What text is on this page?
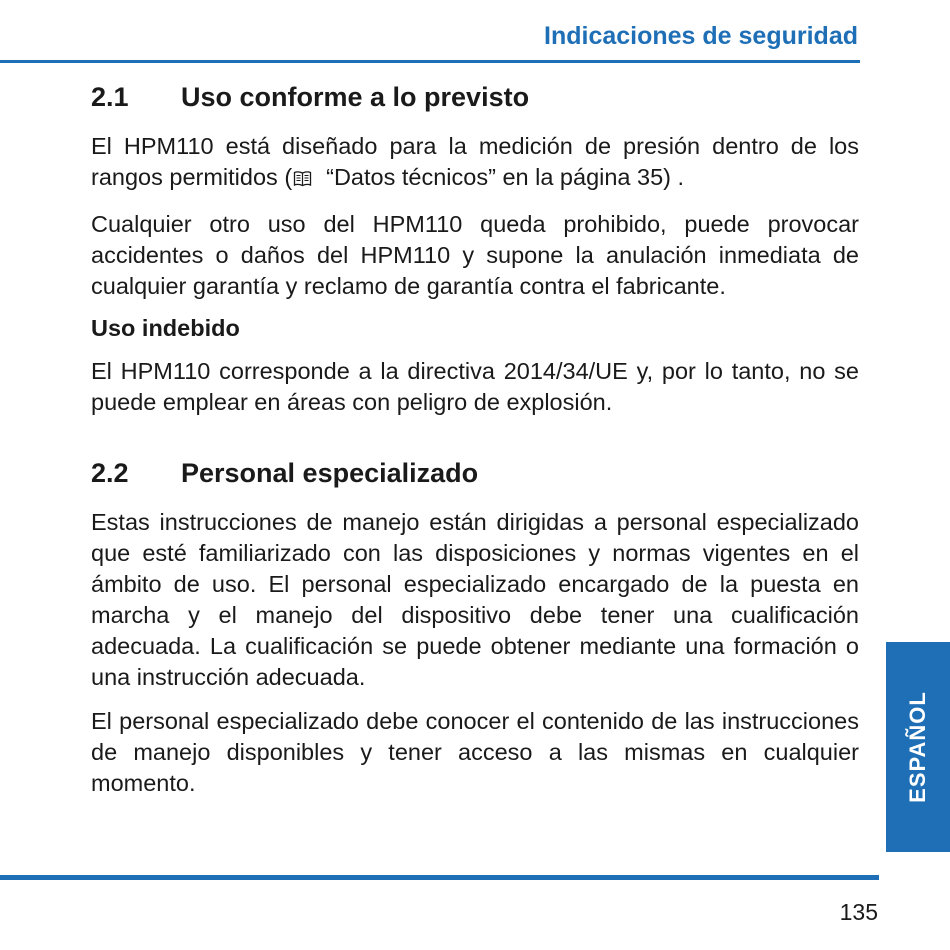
Indicaciones de seguridad
2.1	Uso conforme a lo previsto

El HPM110 está diseñado para la medición de presión dentro de los rangos permitidos ( “Datos técnicos” en la página 35) .

Cualquier otro uso del HPM110 queda prohibido, puede provocar accidentes o daños del HPM110 y supone la anulación inmediata de cualquier garantía y reclamo de garantía contra el fabricante.

Uso indebido

El HPM110 corresponde a la directiva 2014/34/UE y, por lo tanto, no se puede emplear en áreas con peligro de explosión.

2.2	Personal especializado

Estas instrucciones de manejo están dirigidas a personal especializado que esté familiarizado con las disposiciones y normas vigentes en el ámbito de uso. El personal especializado encargado de la puesta en marcha y el manejo del dispositivo debe tener una cualificación adecuada. La cualificación se puede obtener mediante una formación o una instrucción adecuada.

El personal especializado debe conocer el contenido de las instrucciones de manejo disponibles y tener acceso a las mismas en cualquier momento.	ESPAÑOL
135
